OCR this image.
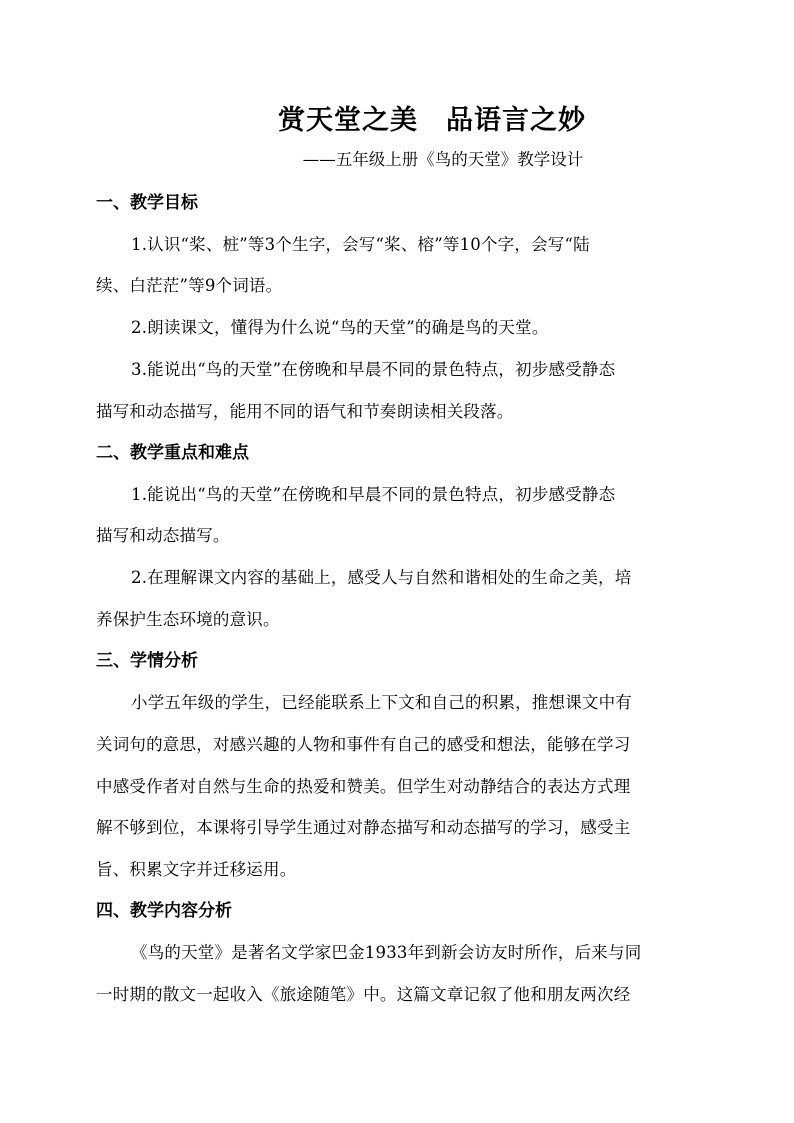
赏天堂之美　品语言之妙
——五年级上册《鸟的天堂》教学设计
一、教学目标
1.认识“桨、桩”等3个生字，会写“桨、榕”等10个字，会写“陆
续、白茫茫”等9个词语。
2.朗读课文，懂得为什么说“鸟的天堂”的确是鸟的天堂。
3.能说出“鸟的天堂”在傍晚和早晨不同的景色特点，初步感受静态
描写和动态描写，能用不同的语气和节奏朗读相关段落。
二、教学重点和难点
1.能说出“鸟的天堂”在傍晚和早晨不同的景色特点，初步感受静态
描写和动态描写。
2.在理解课文内容的基础上，感受人与自然和谐相处的生命之美，培
养保护生态环境的意识。
三、学情分析
小学五年级的学生，已经能联系上下文和自己的积累，推想课文中有
关词句的意思，对感兴趣的人物和事件有自己的感受和想法，能够在学习
中感受作者对自然与生命的热爱和赞美。但学生对动静结合的表达方式理
解不够到位，本课将引导学生通过对静态描写和动态描写的学习，感受主
旨、积累文字并迁移运用。
四、教学内容分析
《鸟的天堂》是著名文学家巴金1933年到新会访友时所作，后来与同
一时期的散文一起收入《旅途随笔》中。这篇文章记叙了他和朋友两次经
